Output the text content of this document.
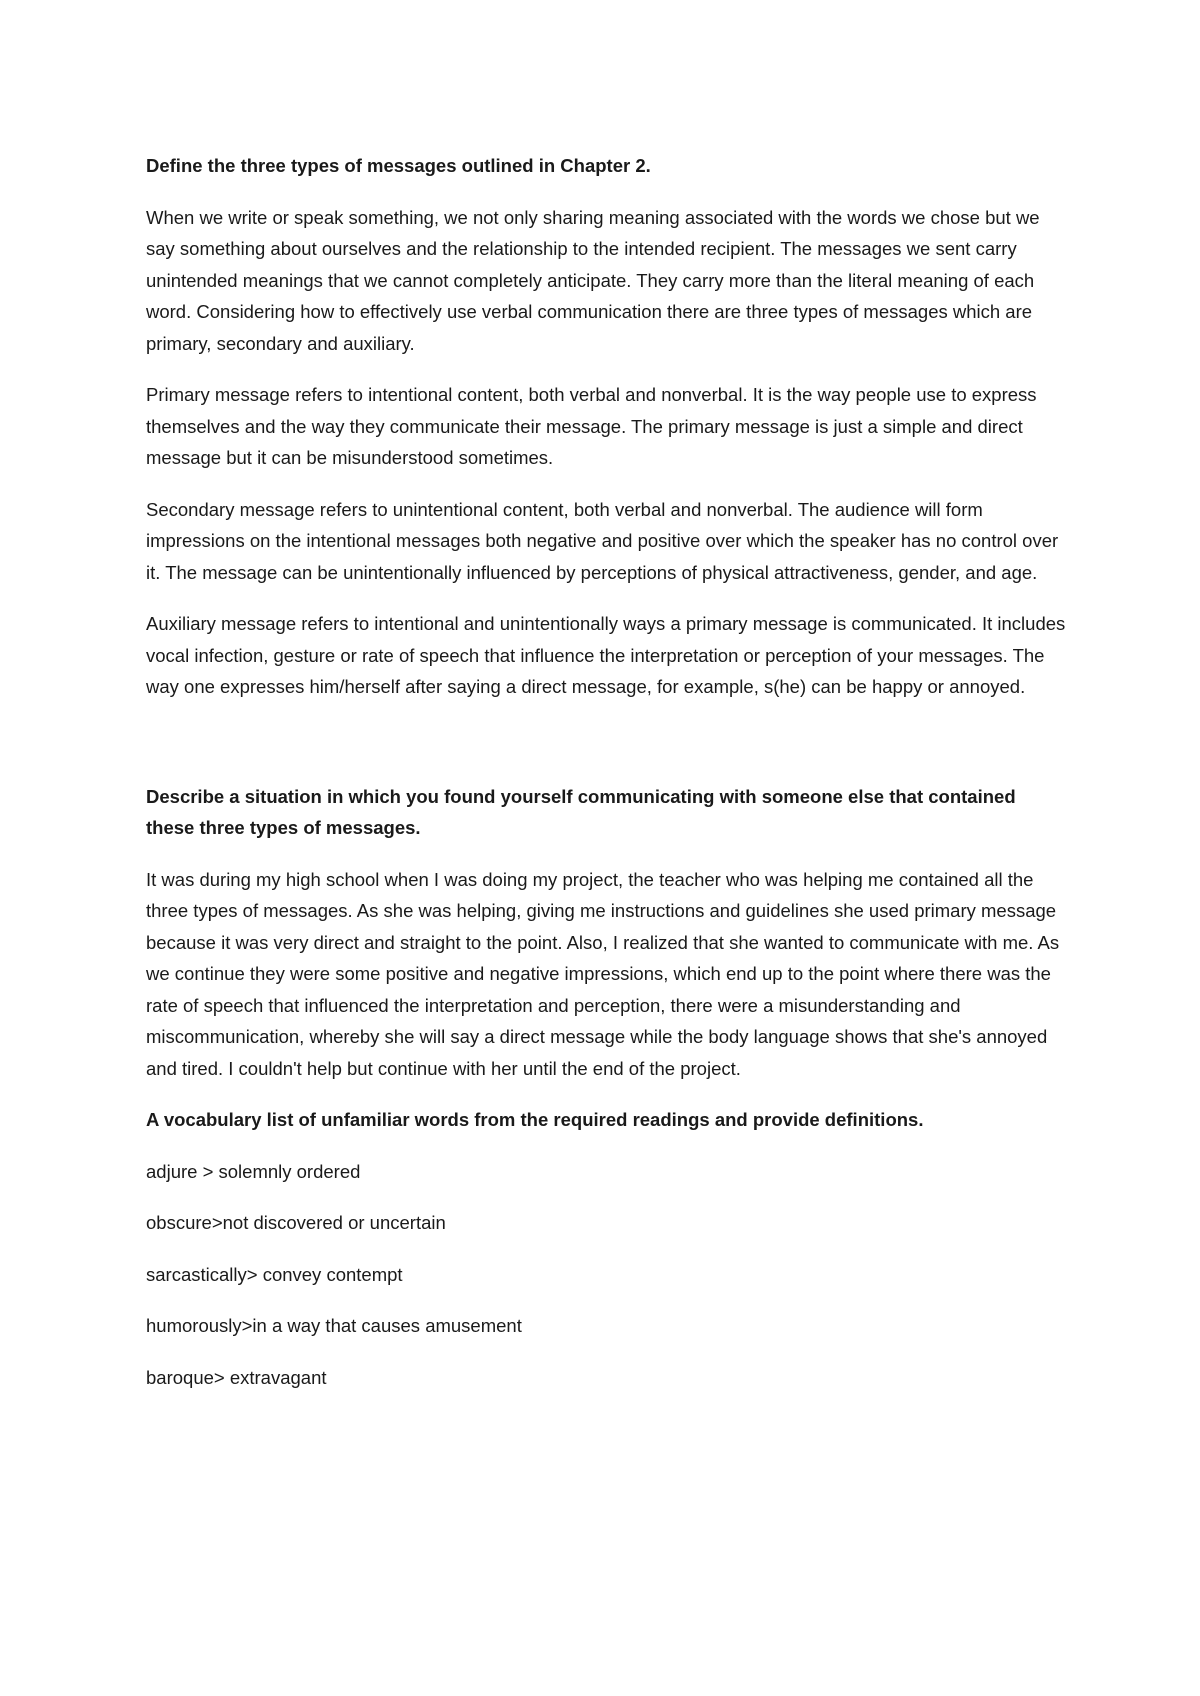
Define the three types of messages outlined in Chapter 2.

When we write or speak something, we not only sharing meaning associated with the words we chose but we say something about ourselves and the relationship to the intended recipient. The messages we sent carry unintended meanings that we cannot completely anticipate. They carry more than the literal meaning of each word. Considering how to effectively use verbal communication there are three types of messages which are primary, secondary and auxiliary.

Primary message refers to intentional content, both verbal and nonverbal. It is the way people use to express themselves and the way they communicate their message. The primary message is just a simple and direct message but it can be misunderstood sometimes.

Secondary message refers to unintentional content, both verbal and nonverbal. The audience will form impressions on the intentional messages both negative and positive over which the speaker has no control over it. The message can be unintentionally influenced by perceptions of physical attractiveness, gender, and age.

Auxiliary message refers to intentional and unintentionally ways a primary message is communicated. It includes vocal infection, gesture or rate of speech that influence the interpretation or perception of your messages. The way one expresses him/herself after saying a direct message, for example, s(he) can be happy or annoyed.

Describe a situation in which you found yourself communicating with someone else that contained these three types of messages.

It was during my high school when I was doing my project, the teacher who was helping me contained all the three types of messages. As she was helping, giving me instructions and guidelines she used primary message because it was very direct and straight to the point. Also, I realized that she wanted to communicate with me. As we continue they were some positive and negative impressions, which end up to the point where there was the rate of speech that influenced the interpretation and perception, there were a misunderstanding and miscommunication, whereby she will say a direct message while the body language shows that she's annoyed and tired. I couldn't help but continue with her until the end of the project.

A vocabulary list of unfamiliar words from the required readings and provide definitions.

adjure > solemnly ordered

obscure>not discovered or uncertain

sarcastically> convey contempt

humorously>in a way that causes amusement

baroque> extravagant
